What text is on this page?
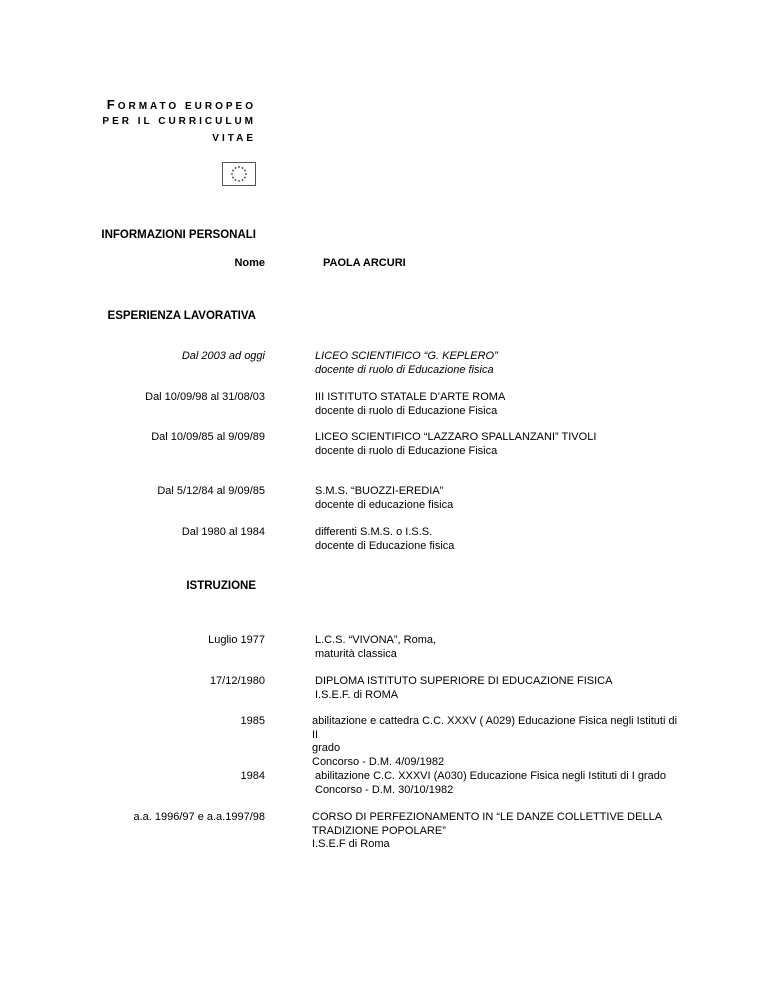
FORMATO EUROPEO
PER IL CURRICULUM
VITAE
INFORMAZIONI PERSONALI
Nome	PAOLA ARCURI
ESPERIENZA LAVORATIVA
Dal 2003 ad oggi	LICEO SCIENTIFICO “G. KEPLERO”
docente di ruolo di Educazione fisica
Dal 10/09/98 al 31/08/03	III ISTITUTO STATALE D’ARTE ROMA
docente di ruolo di Educazione Fisica
Dal 10/09/85 al 9/09/89	LICEO SCIENTIFICO “LAZZARO SPALLANZANI” TIVOLI
docente di ruolo di Educazione Fisica
Dal 5/12/84 al 9/09/85	S.M.S. “BUOZZI-EREDIA”
docente di educazione fisica
Dal 1980 al 1984	differenti S.M.S. o I.S.S.
docente di Educazione fisica
ISTRUZIONE
Luglio 1977	L.C.S. “VIVONA”, Roma,
maturità classica
17/12/1980	DIPLOMA ISTITUTO SUPERIORE DI EDUCAZIONE FISICA
I.S.E.F. di ROMA
1985	abilitazione e cattedra C.C. XXXV ( A029) Educazione Fisica negli Istituti di II
grado
Concorso - D.M. 4/09/1982
1984	abilitazione C.C. XXXVI (A030) Educazione Fisica negli Istituti di I grado
Concorso - D.M. 30/10/1982
a.a. 1996/97 e a.a.1997/98	CORSO DI PERFEZIONAMENTO IN “LE DANZE COLLETTIVE DELLA
TRADIZIONE POPOLARE”
I.S.E.F di Roma
